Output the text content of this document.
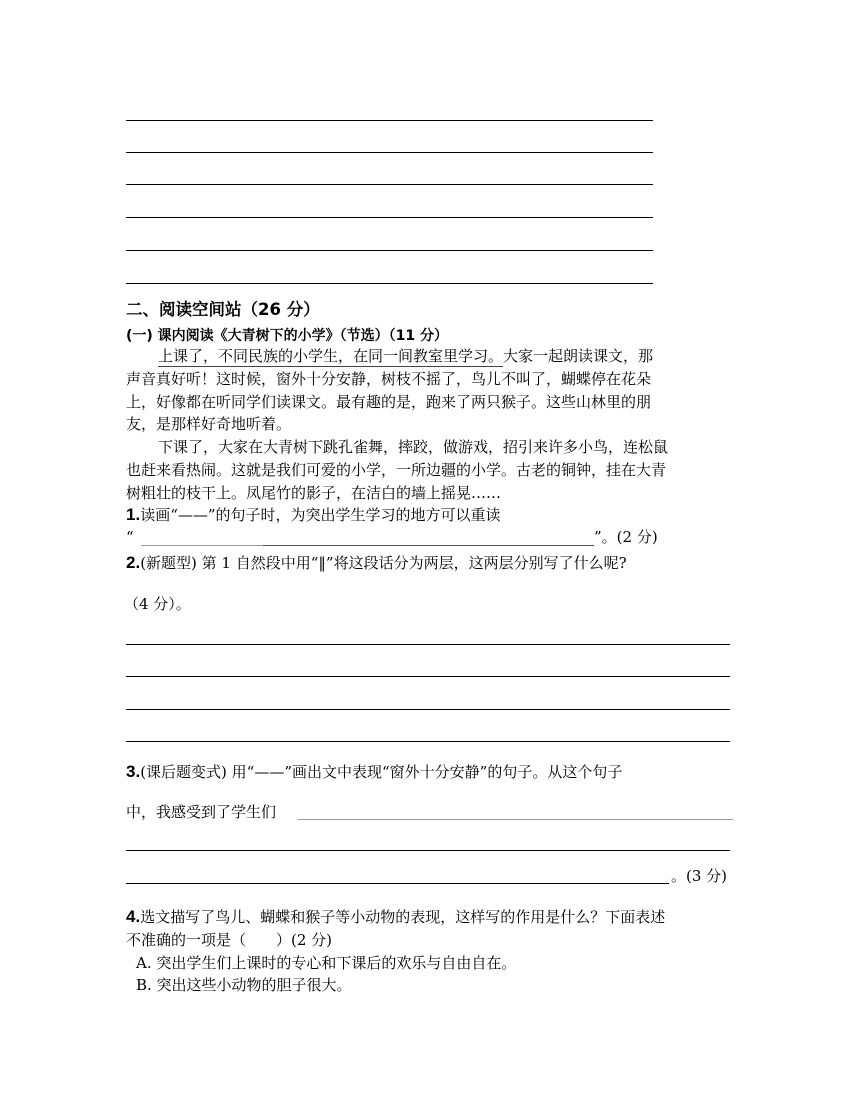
二、阅读空间站（26 分）
(一) 课内阅读《大青树下的小学》（节选）（11 分）
上课了，不同民族的小学生，在同一间教室里学习。大家一起朗读课文，那
声音真好听！这时候，窗外十分安静，树枝不摇了，鸟儿不叫了，蝴蝶停在花朵
上，好像都在听同学们读课文。最有趣的是，跑来了两只猴子。这些山林里的朋
友，是那样好奇地听着。
下课了，大家在大青树下跳孔雀舞，摔跤，做游戏，招引来许多小鸟，连松鼠
也赶来看热闹。这就是我们可爱的小学，一所边疆的小学。古老的铜钟，挂在大青
树粗壮的枝干上。凤尾竹的影子，在洁白的墙上摇晃……
1.读画“——”的句子时，为突出学生学习的地方可以重读
“	”。(2 分)
2.(新题型) 第 1 自然段中用“‖”将这段话分为两层，这两层分别写了什么呢?
（4 分）。
3.(课后题变式) 用“——”画出文中表现“窗外十分安静”的句子。从这个句子
中，我感受到了学生们
。(3 分)
4.选文描写了鸟儿、蝴蝶和猴子等小动物的表现，这样写的作用是什么？下面表述
不准确的一项是（　　）(2 分)
A. 突出学生们上课时的专心和下课后的欢乐与自由自在。
B. 突出这些小动物的胆子很大。
